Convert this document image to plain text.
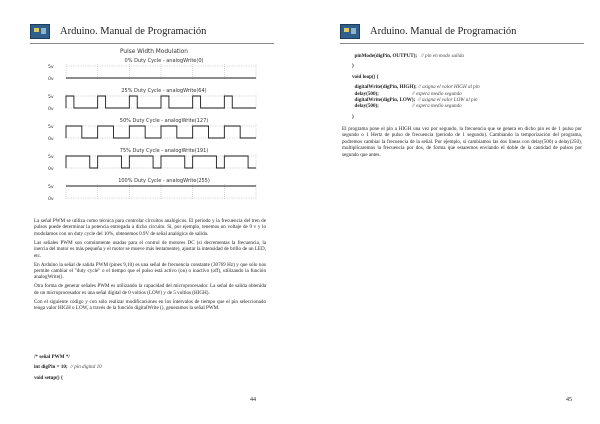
Arduino. Manual de Programación
Pulse Width Modulation
0% Duty Cycle - analogWrite(0)
5v
0v
25% Duty Cycle - analogWrite(64)
5v
0v
50% Duty Cycle - analogWrite(127)
5v
0v
75% Duty Cycle - analogWrite(191)
5v
0v
100% Duty Cycle - analogWrite(255)
5v
0v

La señal PWM se utiliza como técnica para controlar circuitos analógicos. El periodo y la frecuencia del tren de pulsos puede determinar la potencia entregada a dicho circuito. Si, por ejemplo, tenemos un voltaje de 9 v y lo modulamos con un duty cycle del 10%, obtenemos 0.9V de señal analógica de salida.

Las señales PWM son comúnmente usadas para el control de motores DC (si decrementas la frecuencia, la inercia del motor es más pequeña y el motor se mueve más lentamente), ajustar la intensidad de brillo de un LED, etc.

En Arduino la señal de salida PWM (pines 9,10) es una señal de frecuencia constante (30769 Hz) y que sólo nos permite cambiar el "duty cycle" o el tiempo que el pulso está activo (on) o inactivo (off), utilizando la función analogWrite().

Otra forma de generar señales PWM es utilizando la capacidad del microprocesador. La señal de salida obtenida de un microprocesador es una señal digital de 0 voltios (LOW) y de 5 voltios (HIGH).

Con el siguiente código y con sólo realizar modificaciones en los intervalos de tiempo que el pin seleccionado tenga valor HIGH o LOW, a través de la función digitalWrite (), generamos la señal PWM.

/* señal PWM */
int digPin = 10; // pin digital 10
void setup() {
44
Arduino. Manual de Programación
pinMode(digPin, OUTPUT); // pin en modo salida
}
void loop() {
digitalWrite(digPin, HIGH); // asigna el valor HIGH al pin
delay(500);	// espera medio segundo
digitalWrite(digPin, LOW); // asigna el valor LOW al pin
delay(500);	// espera medio segundo
}

El programa pone el pin a HIGH una vez por segundo, la frecuencia que se genera en dicho pin es de 1 pulso por segundo o 1 Hertz de pulso de frecuencia (periodo de 1 segundo). Cambiando la temporización del programa, podremos cambiar la frecuencia de la señal. Por ejemplo, si cambiamos las dos líneas con delay(500) a delay(250), multiplicaremos la frecuencia por dos, de forma que estaremos enviando el doble de la cantidad de pulsos por segundo que antes.

45
